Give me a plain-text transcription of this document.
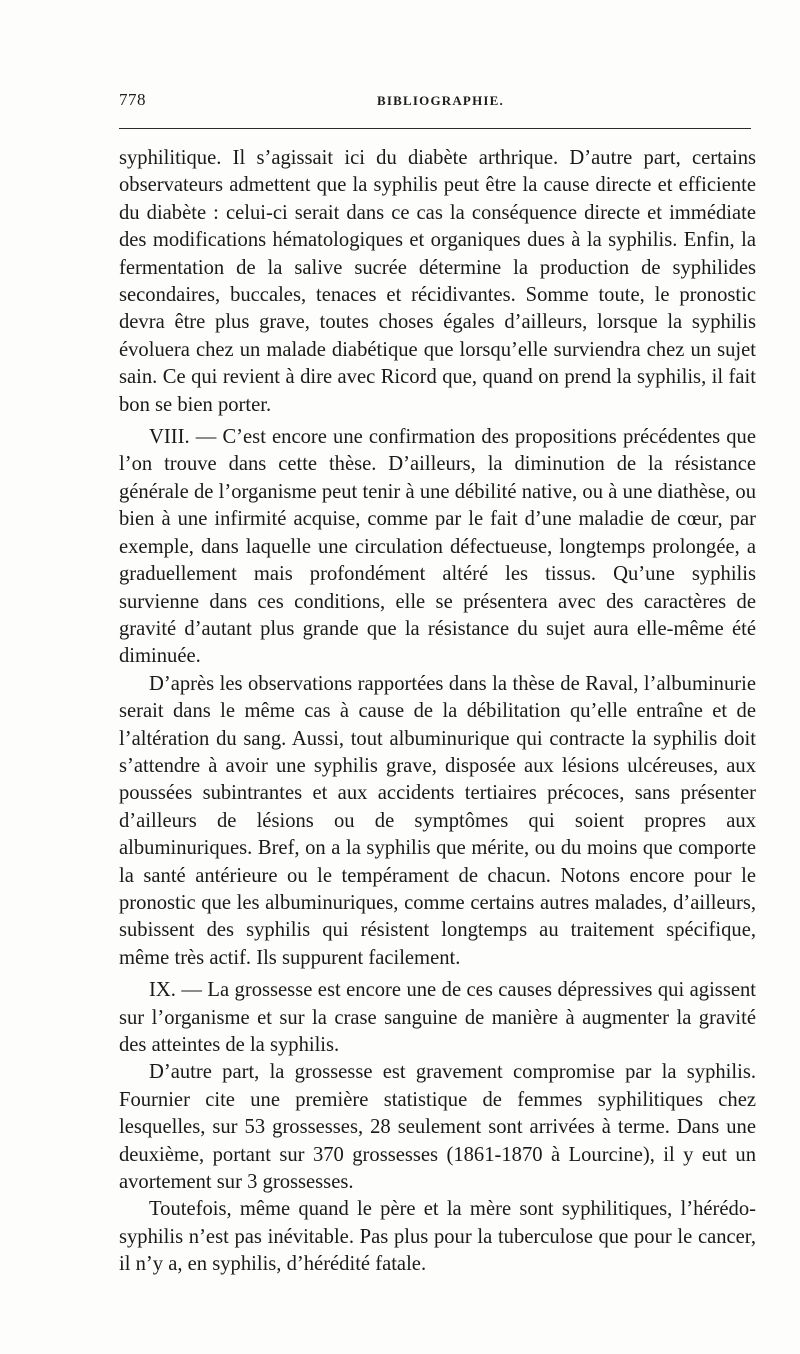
778	BIBLIOGRAPHIE.

syphilitique. Il s’agissait ici du diabète arthrique. D’autre part, certains observateurs admettent que la syphilis peut être la cause directe et efficiente du diabète : celui-ci serait dans ce cas la conséquence directe et immédiate des modifications hématologiques et organiques dues à la syphilis. Enfin, la fermentation de la salive sucrée détermine la production de syphilides secondaires, buccales, tenaces et récidivantes. Somme toute, le pronostic devra être plus grave, toutes choses égales d’ailleurs, lorsque la syphilis évoluera chez un malade diabétique que lorsqu’elle surviendra chez un sujet sain. Ce qui revient à dire avec Ricord que, quand on prend la syphilis, il fait bon se bien porter.

VIII. — C’est encore une confirmation des propositions précédentes que l’on trouve dans cette thèse. D’ailleurs, la diminution de la résistance générale de l’organisme peut tenir à une débilité native, ou à une diathèse, ou bien à une infirmité acquise, comme par le fait d’une maladie de cœur, par exemple, dans laquelle une circulation défectueuse, longtemps prolongée, a graduellement mais profondément altéré les tissus. Qu’une syphilis survienne dans ces conditions, elle se présentera avec des caractères de gravité d’autant plus grande que la résistance du sujet aura elle-même été diminuée.

D’après les observations rapportées dans la thèse de Raval, l’albuminurie serait dans le même cas à cause de la débilitation qu’elle entraîne et de l’altération du sang. Aussi, tout albuminurique qui contracte la syphilis doit s’attendre à avoir une syphilis grave, disposée aux lésions ulcéreuses, aux poussées subintrantes et aux accidents tertiaires précoces, sans présenter d’ailleurs de lésions ou de symptômes qui soient propres aux albuminuriques. Bref, on a la syphilis que mérite, ou du moins que comporte la santé antérieure ou le tempérament de chacun. Notons encore pour le pronostic que les albuminuriques, comme certains autres malades, d’ailleurs, subissent des syphilis qui résistent longtemps au traitement spécifique, même très actif. Ils suppurent facilement.

IX. — La grossesse est encore une de ces causes dépressives qui agissent sur l’organisme et sur la crase sanguine de manière à augmenter la gravité des atteintes de la syphilis.

D’autre part, la grossesse est gravement compromise par la syphilis. Fournier cite une première statistique de femmes syphilitiques chez lesquelles, sur 53 grossesses, 28 seulement sont arrivées à terme. Dans une deuxième, portant sur 370 grossesses (1861-1870 à Lourcine), il y eut un avortement sur 3 grossesses.

Toutefois, même quand le père et la mère sont syphilitiques, l’hérédo-syphilis n’est pas inévitable. Pas plus pour la tuberculose que pour le cancer, il n’y a, en syphilis, d’hérédité fatale.
